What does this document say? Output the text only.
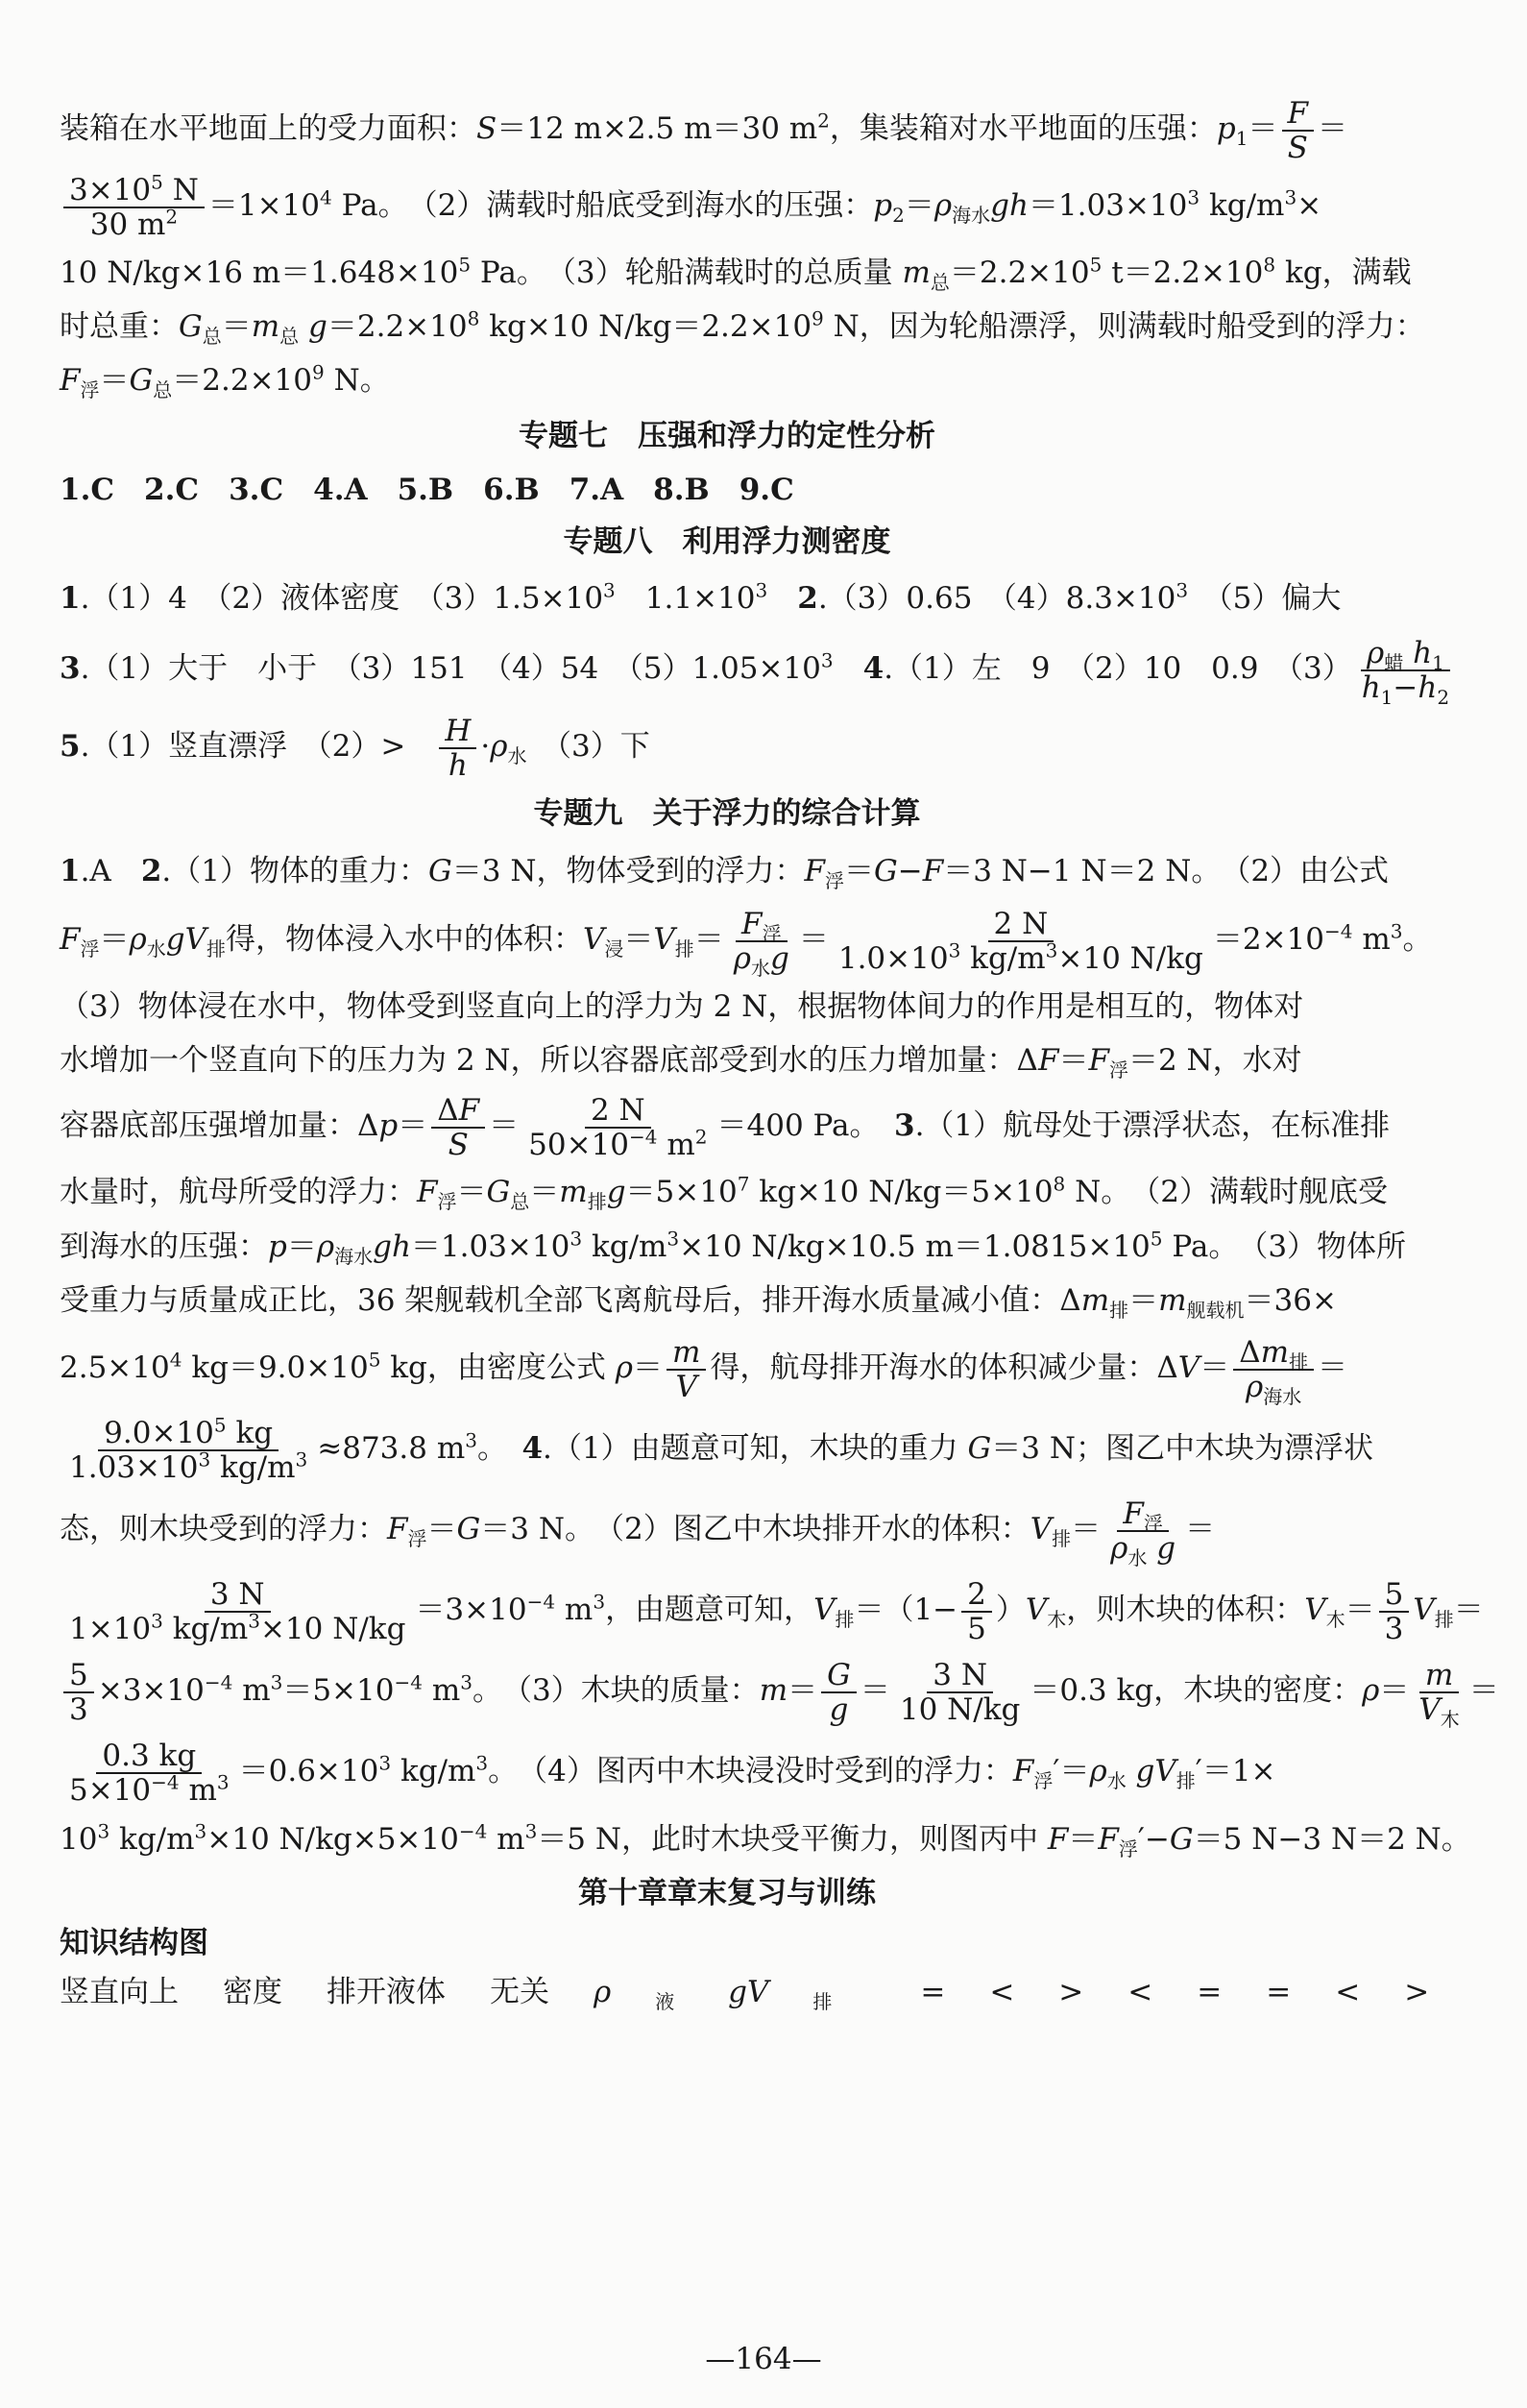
装箱在水平地面上的受力面积：S＝12 m×2.5 m＝30 $m^2$，集装箱对水平地面的压强：$p_1= \frac{F}{S}$ ＝
$\frac{3\times 10^5 N}{30 m^2} =1\times 10^4$ Pa。　（2）满载时船底受到海水的压强：$p_2=\rho_{海水}gh=1.03\times 10^3$ $kg/m^3\times$
10 N/kg×16 $m=1.648\times 10^5$ Pa。　（3）轮船满载时的总质量 $m_总=2.2\times 10^5$ $t=2.2\times 10^8$ kg，满载
时总重：$G_总=m_总$ $g=2.2\times 10^8$ kg×10 $N/kg=2.2\times 10^9$ N，因为轮船漂浮，则满载时船受到的浮力：
$F_浮=G_总=2.2\times 10^9$ N。
专题七　压强和浮力的定性分析
1.C　 2.C　 3.C　 4.A　 5.B　 6.B　 7.A　 8.B　 9.C
专题八　利用浮力测密度
1.（1）4　（2）液体密度　$(3)1.5\times 10^3$　$1.1\times 10^3$　 2.（3）0.65　$(4)8.3\times 10^3$　（5）偏大
3.（1）大于　小于　（3）151　（4）54　$(5)1.05\times 10^3$　 4.（1）左　9　（2）10　0.9　（3） $\rho_蜡$ $h_1$
$h_1-h_2$
5.（1）竖直漂浮　（2）>　 $\frac{H}{h} \cdot\rho_水$　（3）下
专题九　关于浮力的综合计算
1.A　2.（1）物体的重力：G＝3 N，物体受到的浮力：$F_浮=G-F=3$ N−1 N＝2 N。　（2）由公式
$F_浮=\rho_水gV_排$得，物体浸入水中的体积：$V_浸=V_排= F_浮$
$\rho_水g$
＝ $\frac{2 N}{1.0\times 10^3 kg/m^3\times 10 N/kg} =2\times 10^{-4}$ $m^3$。
（3）物体浸在水中，物体受到竖直向上的浮力为 2 N，根据物体间力的作用是相互的，物体对
水增加一个竖直向下的压力为 2 N，所以容器底部受到水的压力增加量：$\Delta F=F_浮=2$ N，水对
容器底部压强增加量：$\Delta p= \frac{\Delta F}{S} = \frac{2 N}{50\times 10^{-4} m^2} =400$ Pa。　3.（1）航母处于漂浮状态，在标准排
水量时，航母所受的浮力：$F_浮=G_总=m_排g=5\times 10^7$ kg×10 $N/kg=5\times 10^8$ N。　（2）满载时舰底受
到海水的压强：$p=\rho_{海水}gh=1.03\times 10^3$ $kg/m^3\times 10$ N/kg×10.5 $m=1.0815\times 10^5$ Pa。　（3）物体所
受重力与质量成正比，36 架舰载机全部飞离航母后，排开海水质量减小值：$\Delta m_排=m_{舰载机}=36\times$
$2.5\times 10^4$ $kg=9.0\times 10^5$ kg，由密度公式 $\rho= \frac{m}{V}$ 得，航母排开海水的体积减少量：$\Delta V= \Delta m_排$
$\rho_{海水}$
＝
$\frac{9.0\times 10^5 kg}{1.03\times 10^3 kg/m^3} \approx 873.8$ $m^3$。　4.（1）由题意可知，木块的重力 G＝3 N；图乙中木块为漂浮状
态，则木块受到的浮力：$F_浮=G=3$ N。　（2）图乙中木块排开水的体积：$V_排= F_浮$
$\rho_水$ g
＝
$\frac{3 N}{1\times 10^3 kg/m^3\times 10 N/kg} =3\times 10^{-4}$ $m^3$，由题意可知，$V_排=(1- \frac{2}{5} )V_木$，则木块的体积：$V_木= \frac{5}{3} V_排=$
$\frac{5}{3} \times 3\times 10^{-4}$ $m^3=5\times 10^{-4}$ $m^3$。　（3）木块的质量：$m= \frac{G}{g} = \frac{3 N}{10 N/kg} =0.3$ kg，木块的密度：ρ＝ m
$V_木$
＝
$\frac{0.3 kg}{5\times 10^{-4} m^3} =0.6\times 10^3$ $kg/m^3$。　（4）图丙中木块浸没时受到的浮力：$F_浮'=\rho_水$ $gV_排'=1\times$
$10^3$ $kg/m^3\times 10$ $N/kg\times 5\times 10^{-4}$ $m^3=5$ N，此时木块受平衡力，则图丙中 $F=F_浮'-G=5$ N−3 N＝2 N。
第十章章末复习与训练
知识结构图
竖直向上 密度 排开液体 无关 ρ $_液$ gV $_排$	= < > < = = < >
—164—
